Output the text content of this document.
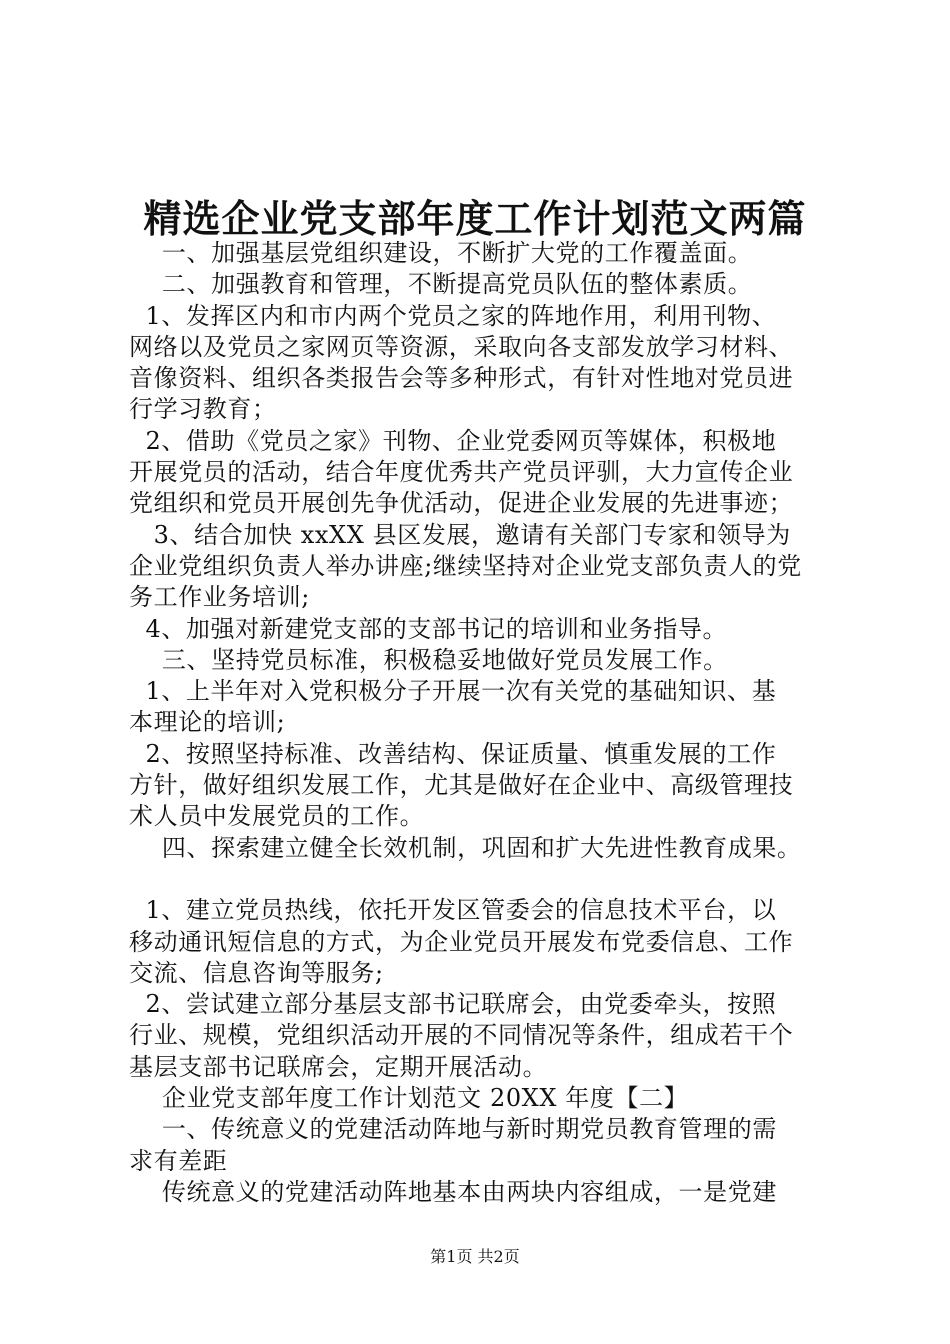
精选企业党支部年度工作计划范文两篇
一、加强基层党组织建设，不断扩大党的工作覆盖面。
二、加强教育和管理，不断提高党员队伍的整体素质。
1、发挥区内和市内两个党员之家的阵地作用，利用刊物、
网络以及党员之家网页等资源，采取向各支部发放学习材料、
音像资料、组织各类报告会等多种形式，有针对性地对党员进
行学习教育；
2、借助《党员之家》刊物、企业党委网页等媒体，积极地
开展党员的活动，结合年度优秀共产党员评驯，大力宣传企业
党组织和党员开展创先争优活动，促进企业发展的先进事迹；
3、结合加快 xxXX 县区发展，邀请有关部门专家和领导为
企业党组织负责人举办讲座;继续坚持对企业党支部负责人的党
务工作业务培训;
4、加强对新建党支部的支部书记的培训和业务指导。
三、坚持党员标准，积极稳妥地做好党员发展工作。
1、上半年对入党积极分子开展一次有关党的基础知识、基
本理论的培训;
2、按照坚持标准、改善结构、保证质量、慎重发展的工作
方针，做好组织发展工作，尤其是做好在企业中、高级管理技
术人员中发展党员的工作。
四、探索建立健全长效机制，巩固和扩大先进性教育成果。
1、建立党员热线，依托开发区管委会的信息技术平台，以
移动通讯短信息的方式，为企业党员开展发布党委信息、工作
交流、信息咨询等服务;
2、尝试建立部分基层支部书记联席会，由党委牵头，按照
行业、规模，党组织活动开展的不同情况等条件，组成若干个
基层支部书记联席会，定期开展活动。
企业党支部年度工作计划范文 20XX 年度【二】
一、传统意义的党建活动阵地与新时期党员教育管理的需
求有差距
传统意义的党建活动阵地基本由两块内容组成，一是党建
第1页 共2页
